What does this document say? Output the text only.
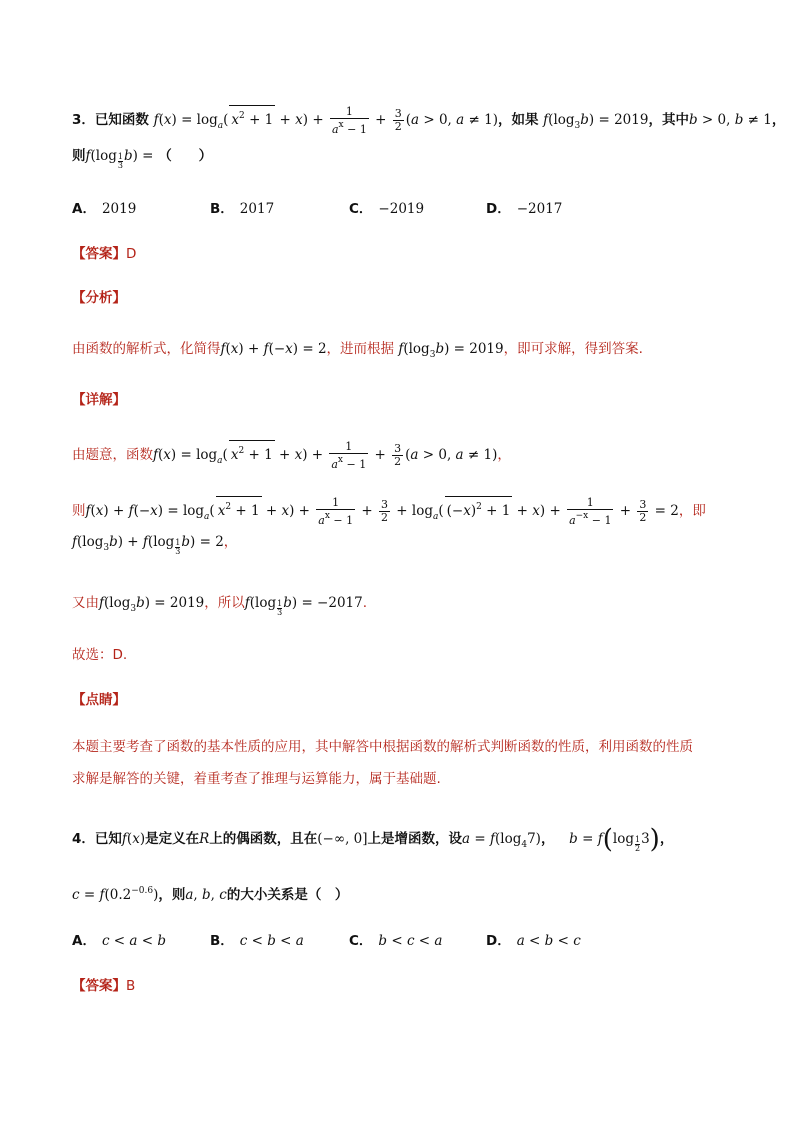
3．已知函数 $f(x) = \log_a$( $x^2 + 1 + x) + \frac{1}{a^x - 1} + \frac{3}{2} (a > 0$, a ≠ 1)，如果 $f(\log_3b) = 2019$，其中b > 0, b ≠ 1，
则$f(\log \frac{1}{3} b)$ = （　　）
A． 2019	B． 2017	C． −2019	D． −2017
【答案】D
【分析】
由函数的解析式，化简得f(x) + f(−x) = 2，进而根据 $f(\log_3b) = 2019$，即可求解，得到答案.
【详解】
由题意，函数$f(x) = \log_a$( $x^2 + 1 + x) + \frac{1}{a^x - 1} + \frac{3}{2} (a > 0$, a ≠ 1)，
则$f(x) + f(-x) = \log_a$( $x^2 + 1 + x) + \frac{1}{a^x - 1} + \frac{3}{2} + \log_a$( $(-x)^2 + 1 + x) + \frac{1}{a^{-x} - 1} + \frac{3}{2} = 2$，即
$f(\log_3b) + f(\log \frac{1}{3} b) = 2$，
又由$f(\log_3b) = 2019$，所以$f(\log \frac{1}{3} b) = -2017$.
故选：D.
【点睛】
本题主要考查了函数的基本性质的应用，其中解答中根据函数的解析式判断函数的性质，利用函数的性质
求解是解答的关键，着重考查了推理与运算能力，属于基础题.
4．已知f(x)是定义在R上的偶函数，且在(−∞, 0]上是增函数，设$a = f(\log_47)$， $b = f(\log \frac{1}{2} 3)$，
$c = f(0.2^{-0.6})$，则a, b, c的大小关系是（　）
A． c < a < b	B． c < b < a	C． b < c < a	D． a < b < c
【答案】B
